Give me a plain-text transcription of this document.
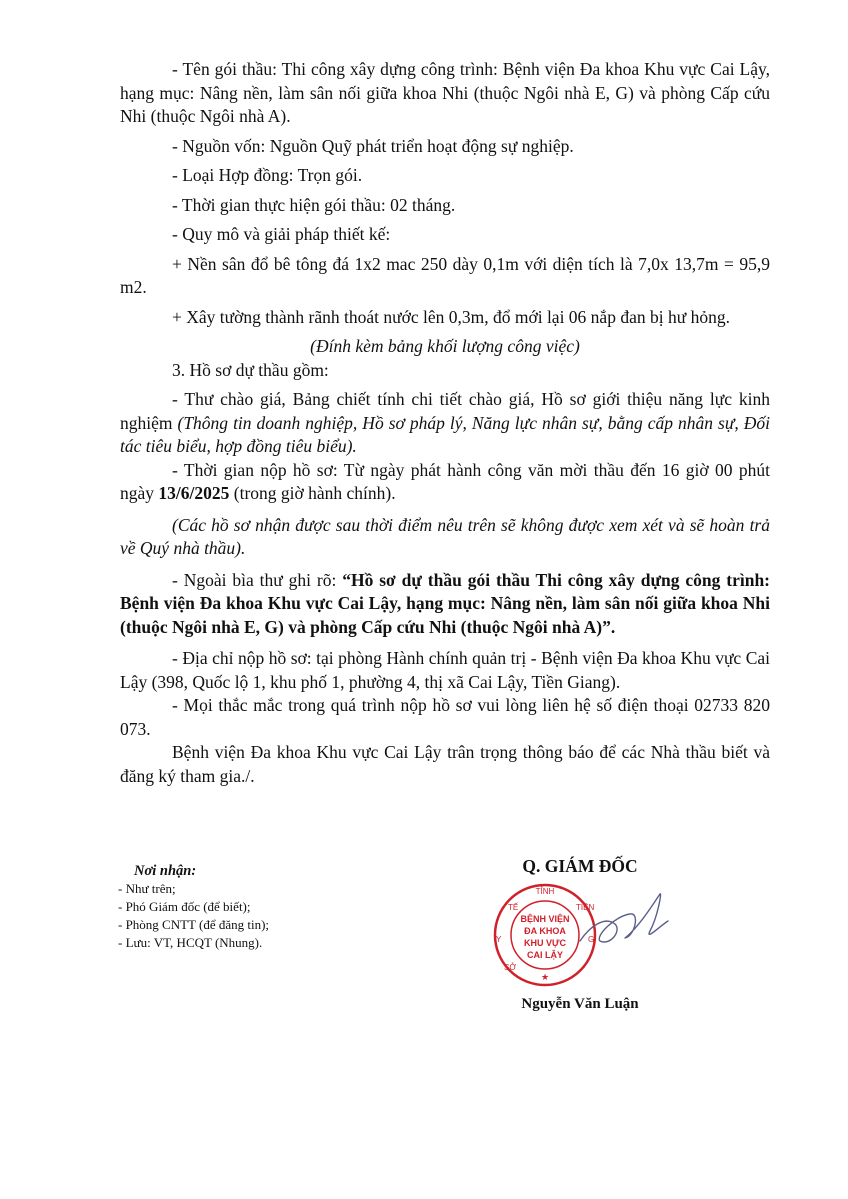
- Tên gói thầu: Thi công xây dựng công trình: Bệnh viện Đa khoa Khu vực Cai Lậy, hạng mục: Nâng nền, làm sân nối giữa khoa Nhi (thuộc Ngôi nhà E, G) và phòng Cấp cứu Nhi (thuộc Ngôi nhà A).

- Nguồn vốn: Nguồn Quỹ phát triển hoạt động sự nghiệp.

- Loại Hợp đồng: Trọn gói.

- Thời gian thực hiện gói thầu: 02 tháng.

- Quy mô và giải pháp thiết kế:

+ Nền sân đổ bê tông đá 1x2 mac 250 dày 0,1m với diện tích là 7,0x 13,7m = 95,9 m2.

+ Xây tường thành rãnh thoát nước lên 0,3m, đổ mới lại 06 nắp đan bị hư hỏng.

(Đính kèm bảng khối lượng công việc)

3. Hồ sơ dự thầu gồm:

- Thư chào giá, Bảng chiết tính chi tiết chào giá, Hồ sơ giới thiệu năng lực kinh nghiệm (Thông tin doanh nghiệp, Hồ sơ pháp lý, Năng lực nhân sự, bằng cấp nhân sự, Đối tác tiêu biểu, hợp đồng tiêu biểu).

- Thời gian nộp hồ sơ: Từ ngày phát hành công văn mời thầu đến 16 giờ 00 phút ngày 13/6/2025 (trong giờ hành chính).

(Các hồ sơ nhận được sau thời điểm nêu trên sẽ không được xem xét và sẽ hoàn trả về Quý nhà thầu).

- Ngoài bìa thư ghi rõ: “Hồ sơ dự thầu gói thầu Thi công xây dựng công trình: Bệnh viện Đa khoa Khu vực Cai Lậy, hạng mục: Nâng nền, làm sân nối giữa khoa Nhi (thuộc Ngôi nhà E, G) và phòng Cấp cứu Nhi (thuộc Ngôi nhà A)”.

- Địa chỉ nộp hồ sơ: tại phòng Hành chính quản trị - Bệnh viện Đa khoa Khu vực Cai Lậy (398, Quốc lộ 1, khu phố 1, phường 4, thị xã Cai Lậy, Tiền Giang).

- Mọi thắc mắc trong quá trình nộp hồ sơ vui lòng liên hệ số điện thoại 02733 820 073.

Bệnh viện Đa khoa Khu vực Cai Lậy trân trọng thông báo để các Nhà thầu biết và đăng ký tham gia./.

Nơi nhận:

- Như trên;

- Phó Giám đốc (để biết);

- Phòng CNTT (để đăng tin);

- Lưu: VT, HCQT (Nhung).

Q. GIÁM ĐỐC
TỈNH
TẾ	TIỀN
Y	G
SỞ
BỆNH VIỆN
ĐA KHOA
KHU VỰC
CAI LẬY
★
Nguyễn Văn Luận
